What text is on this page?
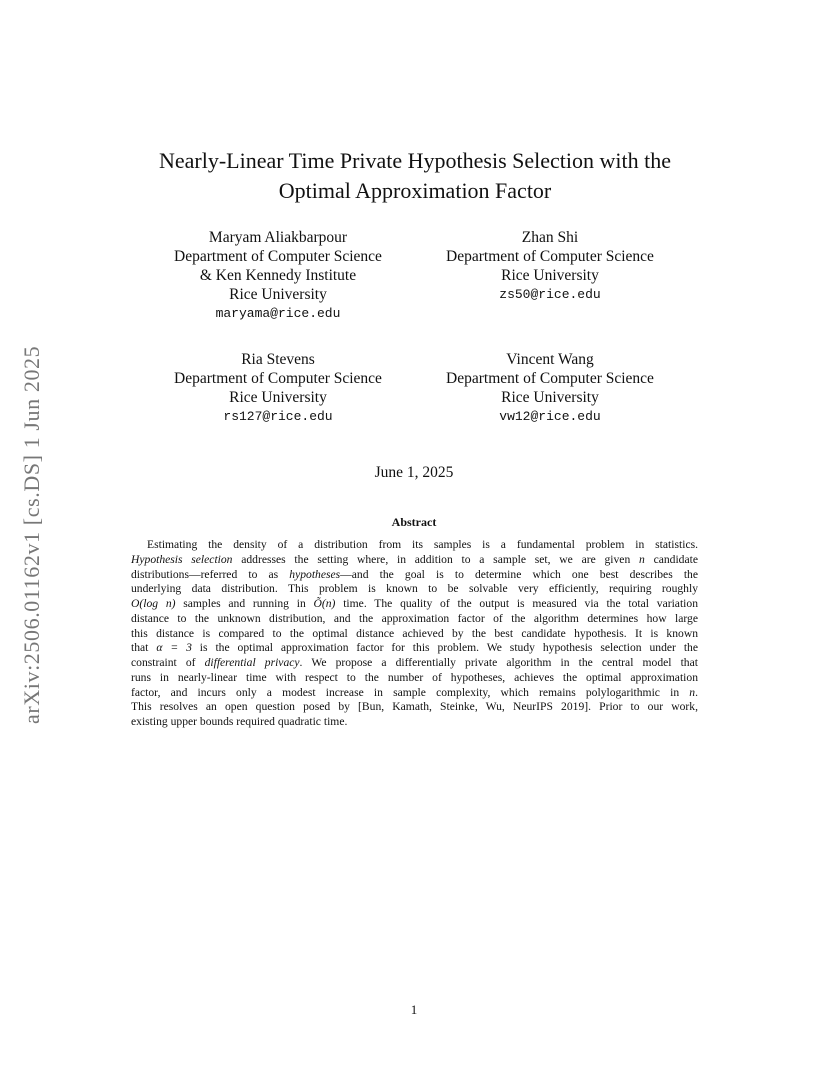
arXiv:2506.01162v1 [cs.DS] 1 Jun 2025
Nearly-Linear Time Private Hypothesis Selection with the
Optimal Approximation Factor
Maryam Aliakbarpour
Department of Computer Science
& Ken Kennedy Institute
Rice University
maryama@rice.edu
Zhan Shi
Department of Computer Science
Rice University
zs50@rice.edu
Ria Stevens
Department of Computer Science
Rice University
rs127@rice.edu
Vincent Wang
Department of Computer Science
Rice University
vw12@rice.edu
June 1, 2025
Abstract
Estimating the density of a distribution from its samples is a fundamental problem in statistics.
Hypothesis selection addresses the setting where, in addition to a sample set, we are given n candidate
distributions—referred to as hypotheses—and the goal is to determine which one best describes the
underlying data distribution. This problem is known to be solvable very efficiently, requiring roughly
O(log n) samples and running in Õ(n) time. The quality of the output is measured via the total variation
distance to the unknown distribution, and the approximation factor of the algorithm determines how large
this distance is compared to the optimal distance achieved by the best candidate hypothesis. It is known
that α = 3 is the optimal approximation factor for this problem. We study hypothesis selection under the
constraint of differential privacy. We propose a differentially private algorithm in the central model that
runs in nearly-linear time with respect to the number of hypotheses, achieves the optimal approximation
factor, and incurs only a modest increase in sample complexity, which remains polylogarithmic in n.
This resolves an open question posed by [Bun, Kamath, Steinke, Wu, NeurIPS 2019]. Prior to our work,
existing upper bounds required quadratic time.
1
